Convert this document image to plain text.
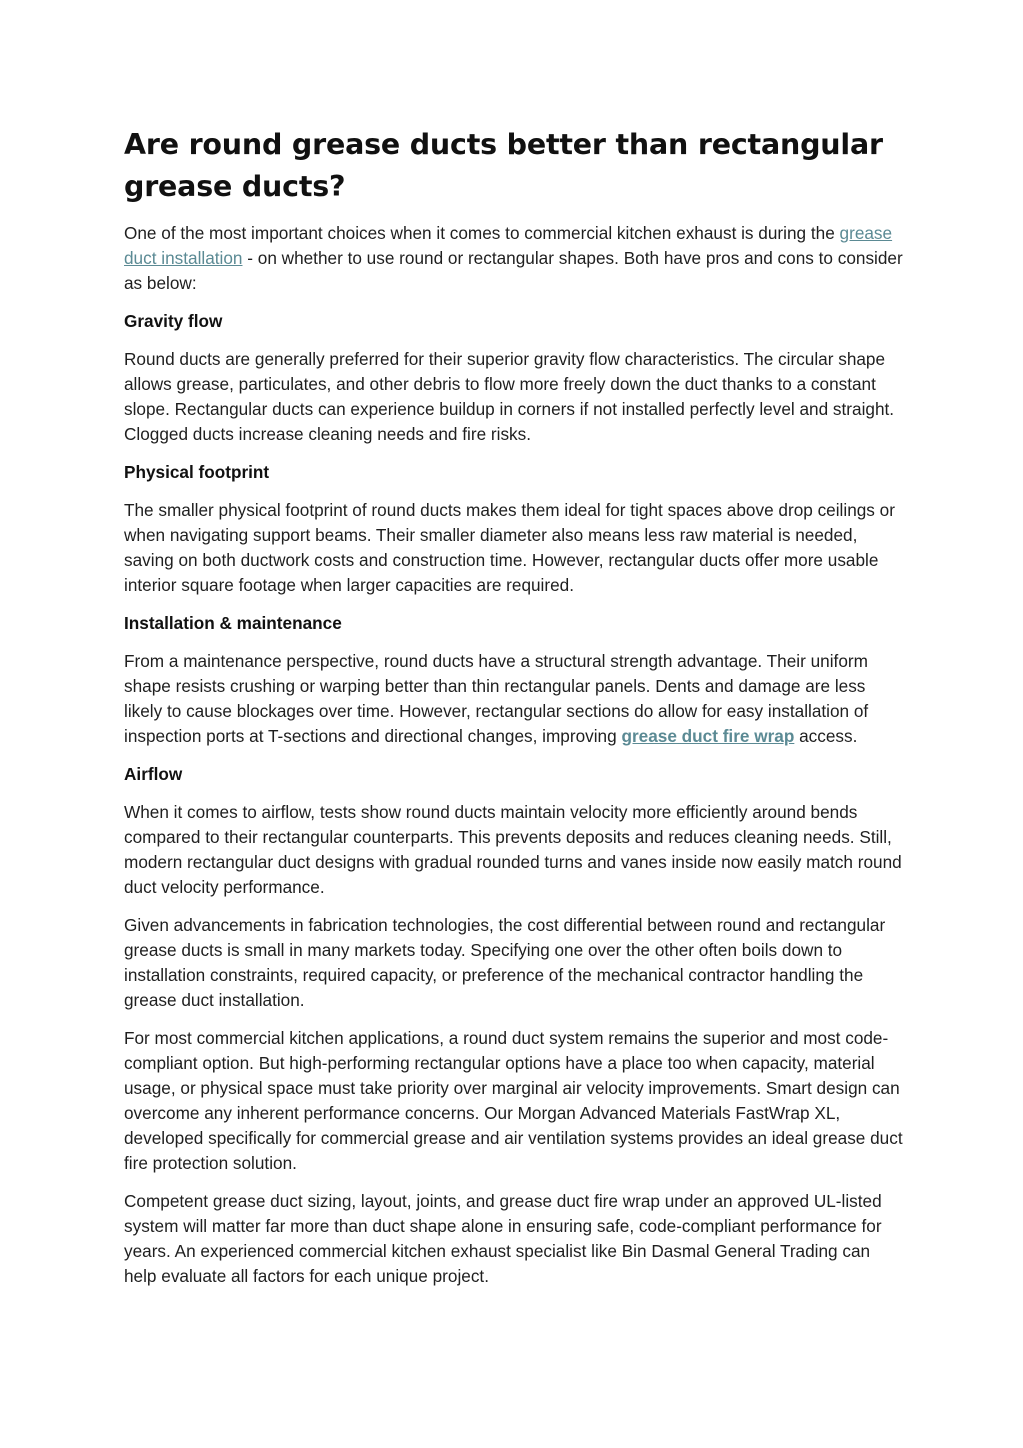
Are round grease ducts better than rectangular grease ducts?

One of the most important choices when it comes to commercial kitchen exhaust is during the grease duct installation - on whether to use round or rectangular shapes. Both have pros and cons to consider as below:

Gravity flow

Round ducts are generally preferred for their superior gravity flow characteristics. The circular shape allows grease, particulates, and other debris to flow more freely down the duct thanks to a constant slope. Rectangular ducts can experience buildup in corners if not installed perfectly level and straight. Clogged ducts increase cleaning needs and fire risks.

Physical footprint

The smaller physical footprint of round ducts makes them ideal for tight spaces above drop ceilings or when navigating support beams. Their smaller diameter also means less raw material is needed, saving on both ductwork costs and construction time. However, rectangular ducts offer more usable interior square footage when larger capacities are required.

Installation & maintenance

From a maintenance perspective, round ducts have a structural strength advantage. Their uniform shape resists crushing or warping better than thin rectangular panels. Dents and damage are less likely to cause blockages over time. However, rectangular sections do allow for easy installation of inspection ports at T-sections and directional changes, improving grease duct fire wrap access.

Airflow

When it comes to airflow, tests show round ducts maintain velocity more efficiently around bends compared to their rectangular counterparts. This prevents deposits and reduces cleaning needs. Still, modern rectangular duct designs with gradual rounded turns and vanes inside now easily match round duct velocity performance.

Given advancements in fabrication technologies, the cost differential between round and rectangular grease ducts is small in many markets today. Specifying one over the other often boils down to installation constraints, required capacity, or preference of the mechanical contractor handling the grease duct installation.

For most commercial kitchen applications, a round duct system remains the superior and most code-compliant option. But high-performing rectangular options have a place too when capacity, material usage, or physical space must take priority over marginal air velocity improvements. Smart design can overcome any inherent performance concerns. Our Morgan Advanced Materials FastWrap XL, developed specifically for commercial grease and air ventilation systems provides an ideal grease duct fire protection solution.

Competent grease duct sizing, layout, joints, and grease duct fire wrap under an approved UL-listed system will matter far more than duct shape alone in ensuring safe, code-compliant performance for years. An experienced commercial kitchen exhaust specialist like Bin Dasmal General Trading can help evaluate all factors for each unique project.
